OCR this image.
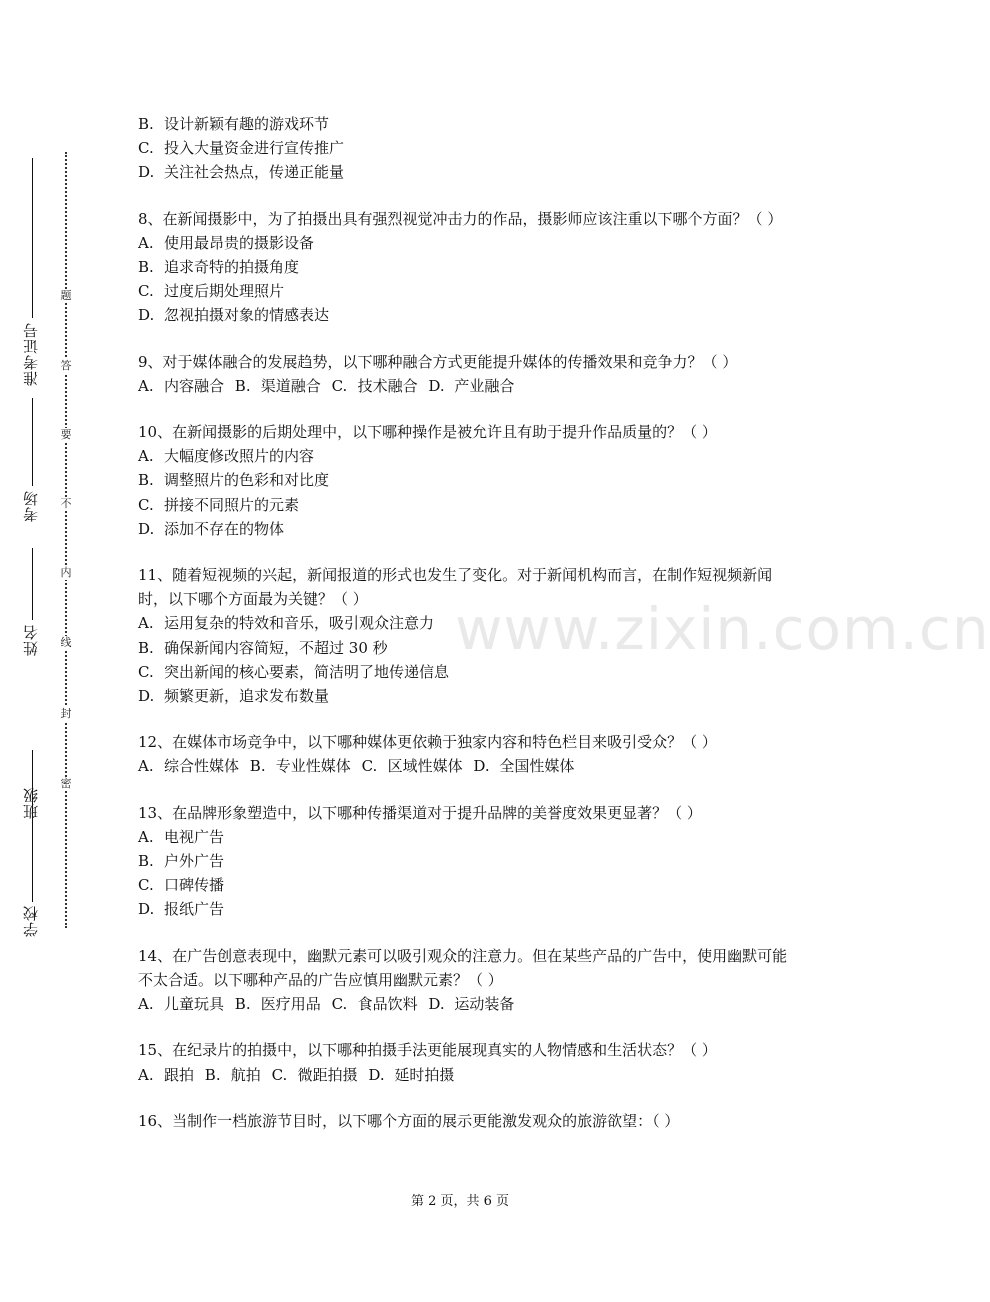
学校
班级
姓名
考场
准考证号
密
封
线
内
不
要
答
题
www.zixin.com.cn
B. 设计新颖有趣的游戏环节
C. 投入大量资金进行宣传推广
D. 关注社会热点，传递正能量
8、在新闻摄影中，为了拍摄出具有强烈视觉冲击力的作品，摄影师应该注重以下哪个方面？（ ）
A. 使用最昂贵的摄影设备
B. 追求奇特的拍摄角度
C. 过度后期处理照片
D. 忽视拍摄对象的情感表达
9、对于媒体融合的发展趋势，以下哪种融合方式更能提升媒体的传播效果和竞争力？（ ）
A. 内容融合 B. 渠道融合 C. 技术融合 D. 产业融合
10、在新闻摄影的后期处理中，以下哪种操作是被允许且有助于提升作品质量的？（ ）
A. 大幅度修改照片的内容
B. 调整照片的色彩和对比度
C. 拼接不同照片的元素
D. 添加不存在的物体
11、随着短视频的兴起，新闻报道的形式也发生了变化。对于新闻机构而言，在制作短视频新闻时，以下哪个方面最为关键？（ ）
A. 运用复杂的特效和音乐，吸引观众注意力
B. 确保新闻内容简短，不超过 30 秒
C. 突出新闻的核心要素，简洁明了地传递信息
D. 频繁更新，追求发布数量
12、在媒体市场竞争中，以下哪种媒体更依赖于独家内容和特色栏目来吸引受众？（ ）
A. 综合性媒体 B. 专业性媒体 C. 区域性媒体 D. 全国性媒体
13、在品牌形象塑造中，以下哪种传播渠道对于提升品牌的美誉度效果更显著？（ ）
A. 电视广告
B. 户外广告
C. 口碑传播
D. 报纸广告
14、在广告创意表现中，幽默元素可以吸引观众的注意力。但在某些产品的广告中，使用幽默可能不太合适。以下哪种产品的广告应慎用幽默元素？（ ）
A. 儿童玩具 B. 医疗用品 C. 食品饮料 D. 运动装备
15、在纪录片的拍摄中，以下哪种拍摄手法更能展现真实的人物情感和生活状态？（ ）
A. 跟拍 B. 航拍 C. 微距拍摄 D. 延时拍摄
16、当制作一档旅游节目时，以下哪个方面的展示更能激发观众的旅游欲望：（ ）
第 2 页，共 6 页
